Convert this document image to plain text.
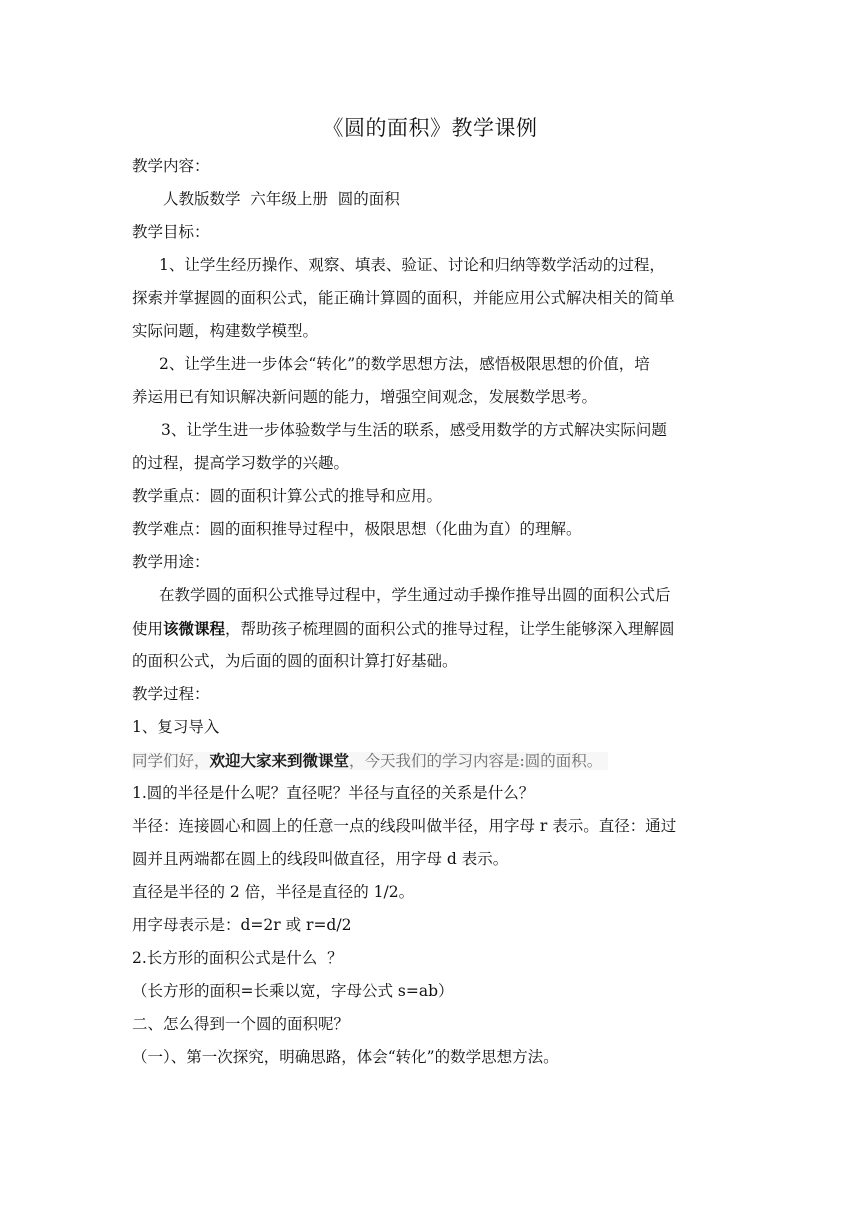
《圆的面积》教学课例
教学内容：
人教版数学  六年级上册  圆的面积
教学目标：
1、让学生经历操作、观察、填表、验证、讨论和归纳等数学活动的过程，
探索并掌握圆的面积公式，能正确计算圆的面积，并能应用公式解决相关的简单
实际问题，构建数学模型。
2、让学生进一步体会“转化”的数学思想方法，感悟极限思想的价值，培
养运用已有知识解决新问题的能力，增强空间观念，发展数学思考。
3、让学生进一步体验数学与生活的联系，感受用数学的方式解决实际问题
的过程，提高学习数学的兴趣。
教学重点：圆的面积计算公式的推导和应用。
教学难点：圆的面积推导过程中，极限思想（化曲为直）的理解。
教学用途：
在教学圆的面积公式推导过程中，学生通过动手操作推导出圆的面积公式后
使用该微课程，帮助孩子梳理圆的面积公式的推导过程，让学生能够深入理解圆
的面积公式，为后面的圆的面积计算打好基础。
教学过程：
1、复习导入
同学们好，欢迎大家来到微课堂，今天我们的学习内容是:圆的面积。
1.圆的半径是什么呢？直径呢？半径与直径的关系是什么？
半径：连接圆心和圆上的任意一点的线段叫做半径，用字母 r 表示。直径：通过
圆并且两端都在圆上的线段叫做直径，用字母 d 表示。
直径是半径的 2 倍，半径是直径的 1/2。
用字母表示是：d=2r 或 r=d/2
2.长方形的面积公式是什么  ？
（长方形的面积=长乘以宽，字母公式 s=ab）
二、怎么得到一个圆的面积呢？
（一）、第一次探究，明确思路，体会“转化”的数学思想方法。
